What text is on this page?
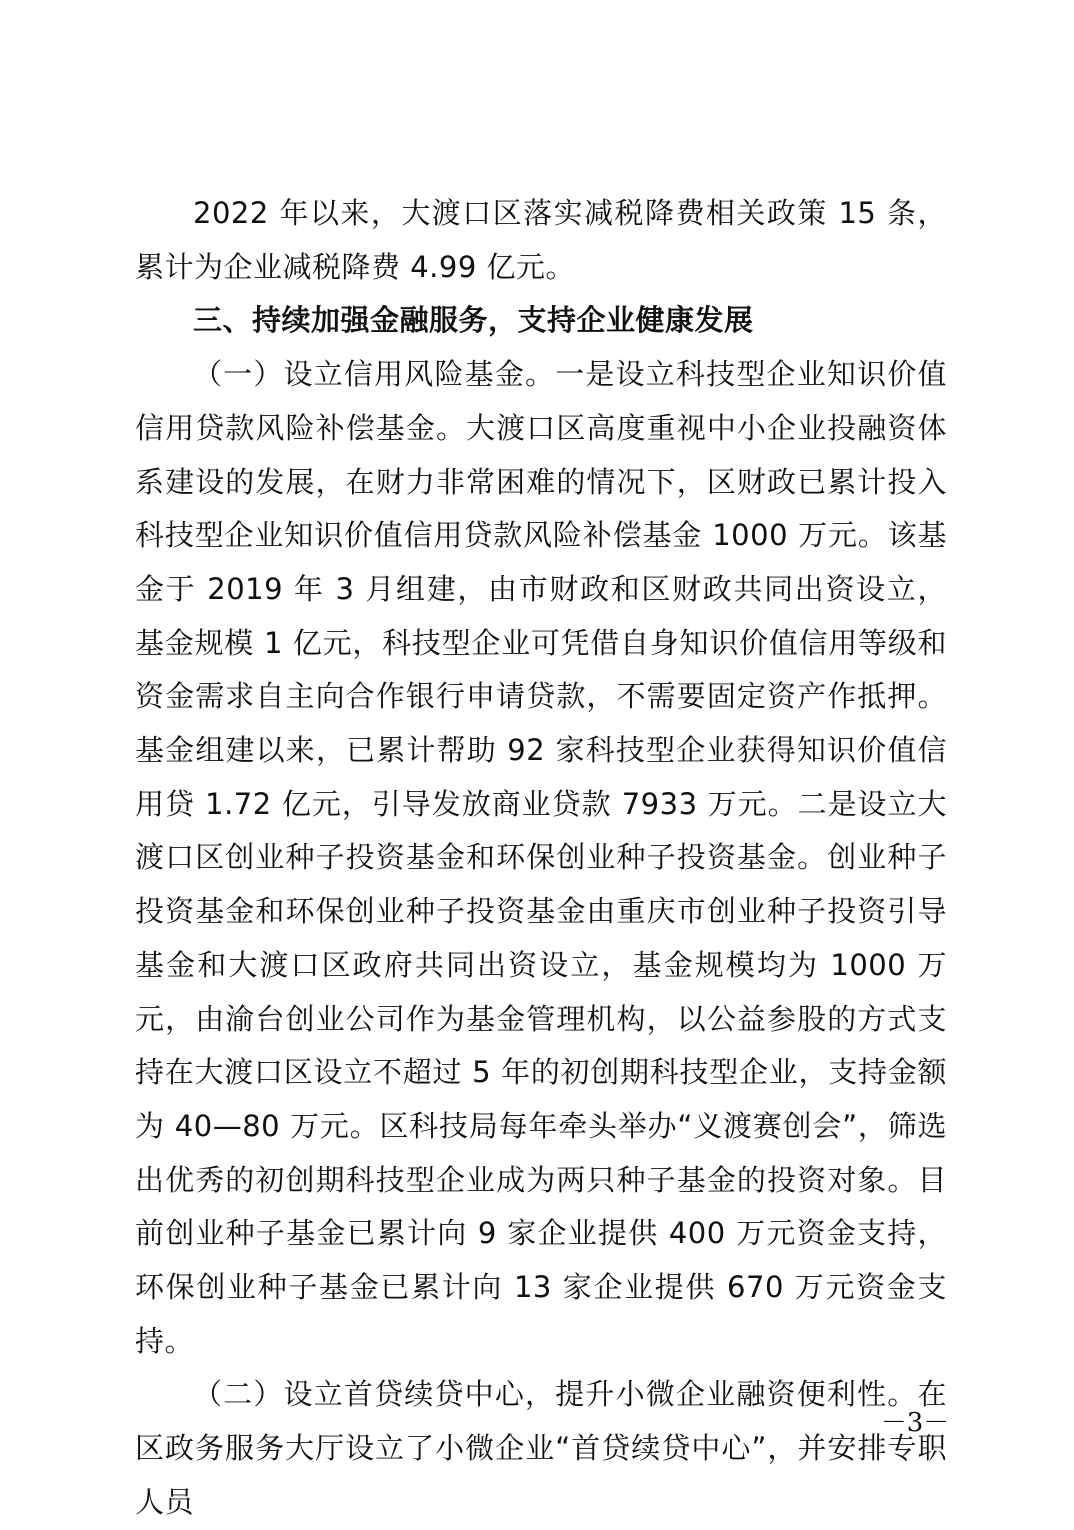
2022 年以来，大渡口区落实减税降费相关政策 15 条，累计为企业减税降费 4.99 亿元。

三、持续加强金融服务，支持企业健康发展

（一）设立信用风险基金。一是设立科技型企业知识价值信用贷款风险补偿基金。大渡口区高度重视中小企业投融资体系建设的发展，在财力非常困难的情况下，区财政已累计投入科技型企业知识价值信用贷款风险补偿基金 1000 万元。该基金于 2019 年 3 月组建，由市财政和区财政共同出资设立，基金规模 1 亿元，科技型企业可凭借自身知识价值信用等级和资金需求自主向合作银行申请贷款，不需要固定资产作抵押。基金组建以来，已累计帮助 92 家科技型企业获得知识价值信用贷 1.72 亿元，引导发放商业贷款 7933 万元。二是设立大渡口区创业种子投资基金和环保创业种子投资基金。创业种子投资基金和环保创业种子投资基金由重庆市创业种子投资引导基金和大渡口区政府共同出资设立，基金规模均为 1000 万元，由渝台创业公司作为基金管理机构，以公益参股的方式支持在大渡口区设立不超过 5 年的初创期科技型企业，支持金额为 40—80 万元。区科技局每年牵头举办“义渡赛创会”，筛选出优秀的初创期科技型企业成为两只种子基金的投资对象。目前创业种子基金已累计向 9 家企业提供 400 万元资金支持，环保创业种子基金已累计向 13 家企业提供 670 万元资金支持。

（二）设立首贷续贷中心，提升小微企业融资便利性。在区政务服务大厅设立了小微企业“首贷续贷中心”，并安排专职人员

－3－
